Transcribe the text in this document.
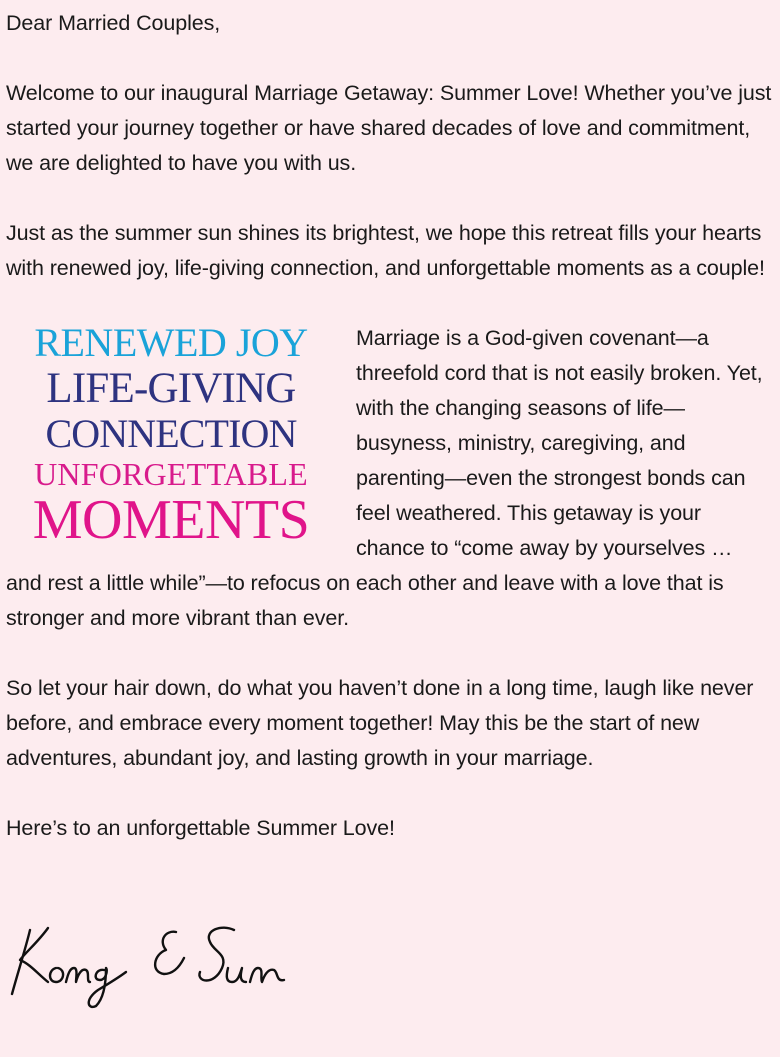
Dear Married Couples,

Welcome to our inaugural Marriage Getaway: Summer Love! Whether you’ve just started your journey together or have shared decades of love and commitment, we are delighted to have you with us.

Just as the summer sun shines its brightest, we hope this retreat fills your hearts with renewed joy, life-giving connection, and unforgettable moments as a couple!

RENEWED JOY
LIFE-GIVING
CONNECTION
UNFORGETTABLE
MOMENTS

Marriage is a God-given covenant—a threefold cord that is not easily broken. Yet, with the changing seasons of life—busyness, ministry, caregiving, and parenting—even the strongest bonds can feel weathered. This getaway is your chance to “come away by yourselves … and rest a little while”—to refocus on each other and leave with a love that is stronger and more vibrant than ever.

So let your hair down, do what you haven’t done in a long time, laugh like never before, and embrace every moment together! May this be the start of new adventures, abundant joy, and lasting growth in your marriage.

Here’s to an unforgettable Summer Love!
